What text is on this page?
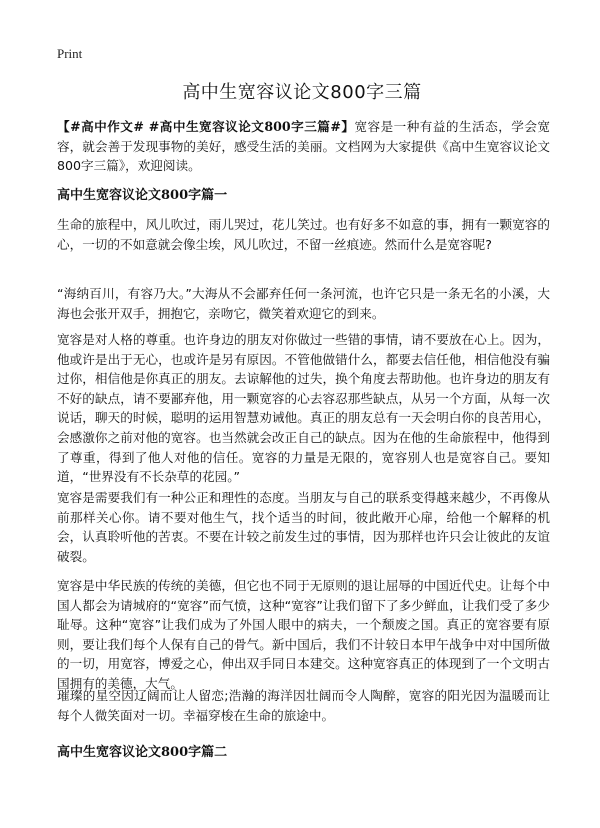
Print
高中生宽容议论文800字三篇

【#高中作文# #高中生宽容议论文800字三篇#】宽容是一种有益的生活态，学会宽容，就会善于发现事物的美好，感受生活的美丽。文档网为大家提供《高中生宽容议论文800字三篇》，欢迎阅读。

高中生宽容议论文800字篇一

生命的旅程中，风儿吹过，雨儿哭过，花儿笑过。也有好多不如意的事，拥有一颗宽容的心，一切的不如意就会像尘埃，风儿吹过，不留一丝痕迹。然而什么是宽容呢?

“海纳百川，有容乃大。”大海从不会鄙弃任何一条河流，也许它只是一条无名的小溪，大海也会张开双手，拥抱它，亲吻它，微笑着欢迎它的到来。

宽容是对人格的尊重。也许身边的朋友对你做过一些错的事情，请不要放在心上。因为，他或许是出于无心，也或许是另有原因。不管他做错什么，都要去信任他，相信他没有骗过你，相信他是你真正的朋友。去谅解他的过失，换个角度去帮助他。也许身边的朋友有不好的缺点，请不要鄙弃他，用一颗宽容的心去容忍那些缺点，从另一个方面，从每一次说话，聊天的时候，聪明的运用智慧劝诫他。真正的朋友总有一天会明白你的良苦用心，会感激你之前对他的宽容。也当然就会改正自己的缺点。因为在他的生命旅程中，他得到了尊重，得到了他人对他的信任。宽容的力量是无限的，宽容别人也是宽容自己。要知道，“世界没有不长杂草的花园。”

宽容是需要我们有一种公正和理性的态度。当朋友与自己的联系变得越来越少，不再像从前那样关心你。请不要对他生气，找个适当的时间，彼此敞开心扉，给他一个解释的机会，认真聆听他的苦衷。不要在计较之前发生过的事情，因为那样也许只会让彼此的友谊破裂。

宽容是中华民族的传统的美德，但它也不同于无原则的退让屈辱的中国近代史。让每个中国人都会为请城府的“宽容”而气愤，这种“宽容”让我们留下了多少鲜血，让我们受了多少耻辱。这种“宽容”让我们成为了外国人眼中的病夫，一个颓废之国。真正的宽容要有原则，要让我们每个人保有自己的骨气。新中国后，我们不计较日本甲午战争中对中国所做的一切，用宽容，博爱之心，伸出双手同日本建交。这种宽容真正的体现到了一个文明古国拥有的美德，大气。

璀璨的星空因辽阔而让人留恋;浩瀚的海洋因壮阔而令人陶醉，宽容的阳光因为温暖而让每个人微笑面对一切。幸福穿梭在生命的旅途中。

高中生宽容议论文800字篇二
